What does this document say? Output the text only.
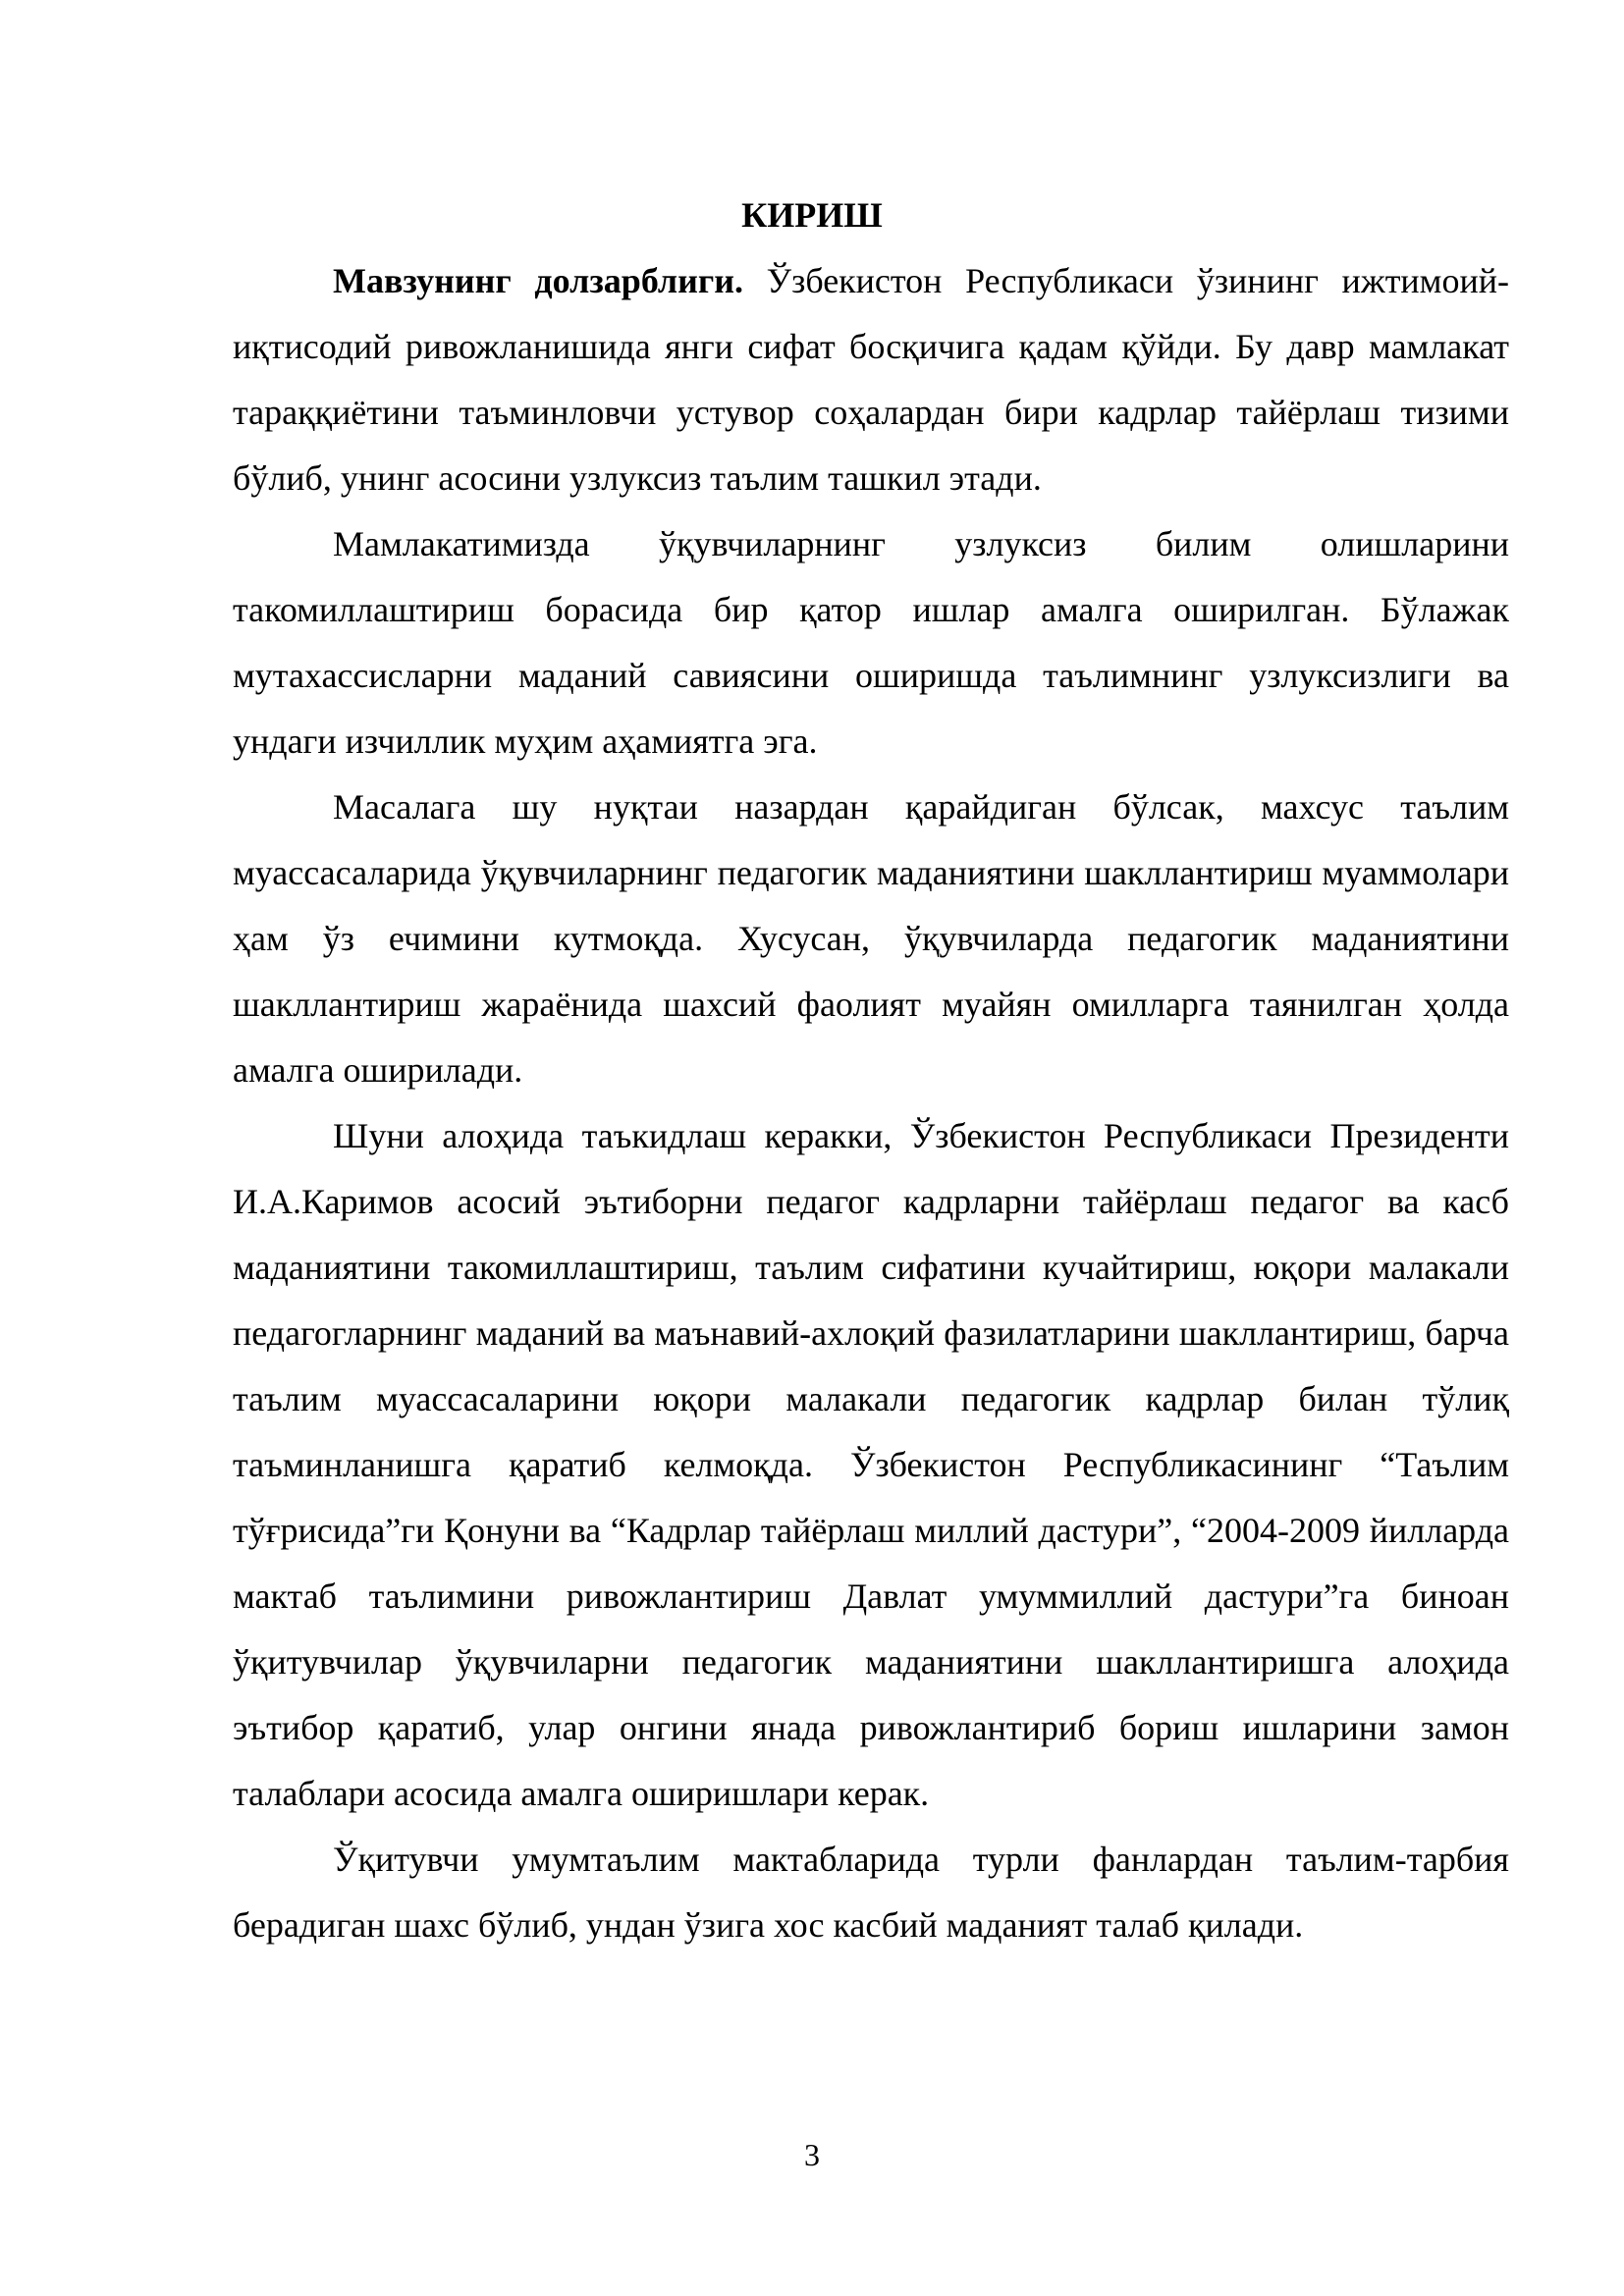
КИРИШ

Мавзунинг долзарблиги. Ўзбекистон Республикаси ўзининг ижтимоий-иқтисодий ривожланишида янги сифат босқичига қадам қўйди. Бу давр мамлакат тараққиётини таъминловчи устувор соҳалардан бири кадрлар тайёрлаш тизими бўлиб, унинг асосини узлуксиз таълим ташкил этади.

Мамлакатимизда ўқувчиларнинг узлуксиз билим олишларини такомиллаштириш борасида бир қатор ишлар амалга оширилган. Бўлажак мутахассисларни маданий савиясини оширишда таълимнинг узлуксизлиги ва ундаги изчиллик муҳим аҳамиятга эга.

Масалага шу нуқтаи назардан қарайдиган бўлсак, махсус таълим муассасаларида ўқувчиларнинг педагогик маданиятини шакллантириш муаммолари ҳам ўз ечимини кутмоқда. Хусусан, ўқувчиларда педагогик маданиятини шакллантириш жараёнида шахсий фаолият муайян омилларга таянилган ҳолда амалга оширилади.

Шуни алоҳида таъкидлаш керакки, Ўзбекистон Республикаси Президенти И.А.Каримов асосий эътиборни педагог кадрларни тайёрлаш педагог ва касб маданиятини такомиллаштириш, таълим сифатини кучайтириш, юқори малакали педагогларнинг маданий ва маънавий-ахлоқий фазилатларини шакллантириш, барча таълим муассасаларини юқори малакали педагогик кадрлар билан тўлиқ таъминланишга қаратиб келмоқда. Ўзбекистон Республикасининг “Таълим тўғрисида”ги Қонуни ва “Кадрлар тайёрлаш миллий дастури”, “2004-2009 йилларда мактаб таълимини ривожлантириш Давлат умуммиллий дастури”га биноан ўқитувчилар ўқувчиларни педагогик маданиятини шакллантиришга алоҳида эътибор қаратиб, улар онгини янада ривожлантириб бориш ишларини замон талаблари асосида амалга оширишлари керак.

Ўқитувчи умумтаълим мактабларида турли фанлардан таълим-тарбия берадиган шахс бўлиб, ундан ўзига хос касбий маданият талаб қилади.

3
